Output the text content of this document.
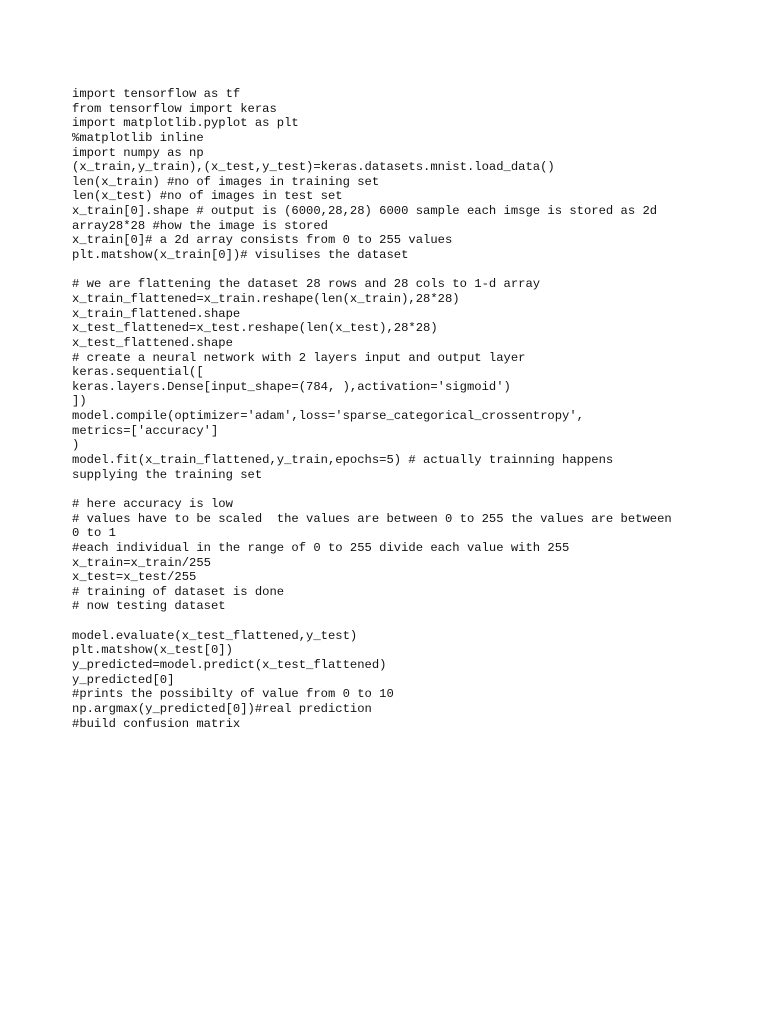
import tensorflow as tf
from tensorflow import keras
import matplotlib.pyplot as plt
%matplotlib inline
import numpy as np
(x_train,y_train),(x_test,y_test)=keras.datasets.mnist.load_data()
len(x_train) #no of images in training set
len(x_test) #no of images in test set
x_train[0].shape # output is (6000,28,28) 6000 sample each imsge is stored as 2d
array28*28 #how the image is stored
x_train[0]# a 2d array consists from 0 to 255 values
plt.matshow(x_train[0])# visulises the dataset
# we are flattening the dataset 28 rows and 28 cols to 1-d array
x_train_flattened=x_train.reshape(len(x_train),28*28)
x_train_flattened.shape
x_test_flattened=x_test.reshape(len(x_test),28*28)
x_test_flattened.shape
# create a neural network with 2 layers input and output layer
keras.sequential([
keras.layers.Dense[input_shape=(784, ),activation='sigmoid')
])
model.compile(optimizer='adam',loss='sparse_categorical_crossentropy',
metrics=['accuracy']
)
model.fit(x_train_flattened,y_train,epochs=5) # actually trainning happens
supplying the training set
# here accuracy is low
# values have to be scaled  the values are between 0 to 255 the values are between
0 to 1
#each individual in the range of 0 to 255 divide each value with 255
x_train=x_train/255
x_test=x_test/255
# training of dataset is done
# now testing dataset
model.evaluate(x_test_flattened,y_test)
plt.matshow(x_test[0])
y_predicted=model.predict(x_test_flattened)
y_predicted[0]
#prints the possibilty of value from 0 to 10
np.argmax(y_predicted[0])#real prediction
#build confusion matrix
